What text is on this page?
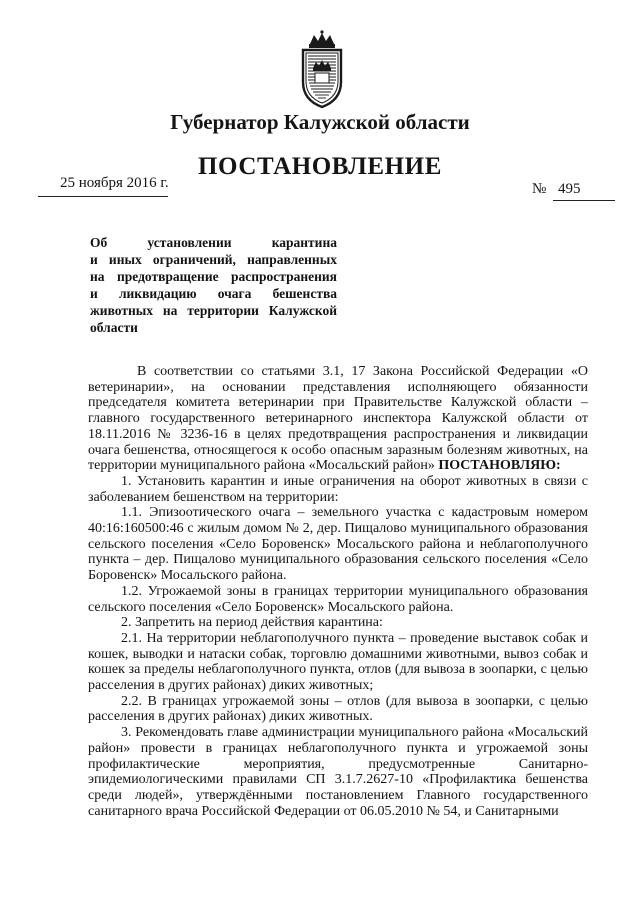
Губернатор Калужской области
ПОСТАНОВЛЕНИЕ
25 ноября 2016 г.	№ 495
Об установлении карантина
и иных ограничений, направленных
на предотвращение распространения
и ликвидацию очага бешенства
животных на территории Калужской
области

В соответствии со статьями 3.1, 17 Закона Российской Федерации «О ветеринарии», на основании представления исполняющего обязанности председателя комитета ветеринарии при Правительстве Калужской области – главного государственного ветеринарного инспектора Калужской области от 18.11.2016 № 3236-16 в целях предотвращения распространения и ликвидации очага бешенства, относящегося к особо опасным заразным болезням животных, на территории муниципального района «Мосальский район» ПОСТАНОВЛЯЮ:

1. Установить карантин и иные ограничения на оборот животных в связи с заболеванием бешенством на территории:

1.1. Эпизоотического очага – земельного участка с кадастровым номером 40:16:160500:46 с жилым домом № 2, дер. Пищалово муниципального образования сельского поселения «Село Боровенск» Мосальского района и неблагополучного пункта – дер. Пищалово муниципального образования сельского поселения «Село Боровенск» Мосальского района.

1.2. Угрожаемой зоны в границах территории муниципального образования сельского поселения «Село Боровенск» Мосальского района.

2. Запретить на период действия карантина:

2.1. На территории неблагополучного пункта – проведение выставок собак и кошек, выводки и натаски собак, торговлю домашними животными, вывоз собак и кошек за пределы неблагополучного пункта, отлов (для вывоза в зоопарки, с целью расселения в других районах) диких животных;

2.2. В границах угрожаемой зоны – отлов (для вывоза в зоопарки, с целью расселения в других районах) диких животных.

3. Рекомендовать главе администрации муниципального района «Мосальский район» провести в границах неблагополучного пункта и угрожаемой зоны профилактические мероприятия, предусмотренные Санитарно-эпидемиологическими правилами СП 3.1.7.2627-10 «Профилактика бешенства среди людей», утверждёнными постановлением Главного государственного санитарного врача Российской Федерации от 06.05.2010 № 54, и Санитарными
